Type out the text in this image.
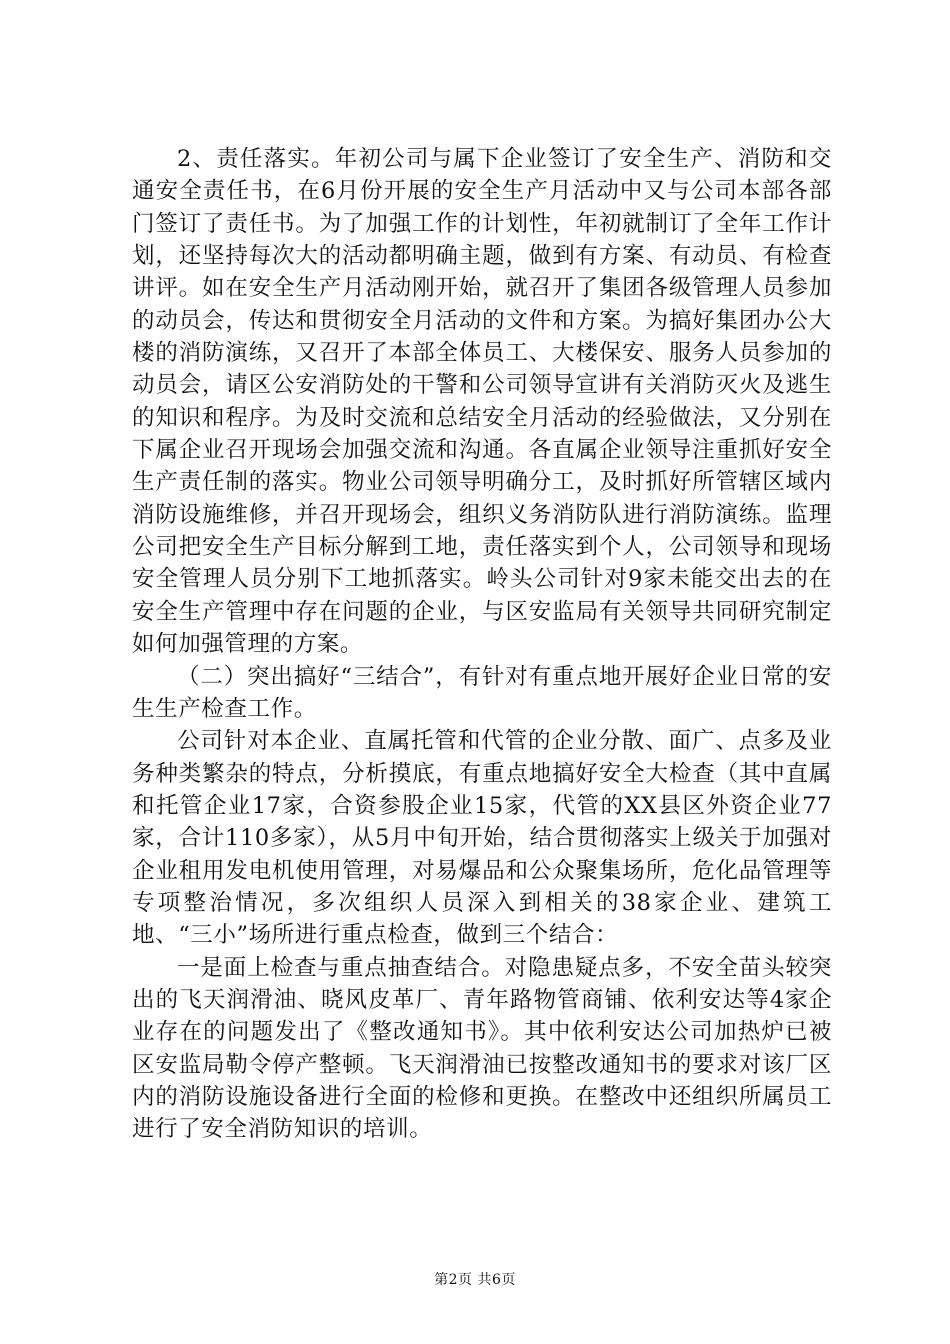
2、责任落实。年初公司与属下企业签订了安全生产、消防和交通安全责任书，在6月份开展的安全生产月活动中又与公司本部各部门签订了责任书。为了加强工作的计划性，年初就制订了全年工作计划，还坚持每次大的活动都明确主题，做到有方案、有动员、有检查讲评。如在安全生产月活动刚开始，就召开了集团各级管理人员参加的动员会，传达和贯彻安全月活动的文件和方案。为搞好集团办公大楼的消防演练，又召开了本部全体员工、大楼保安、服务人员参加的动员会，请区公安消防处的干警和公司领导宣讲有关消防灭火及逃生的知识和程序。为及时交流和总结安全月活动的经验做法，又分别在下属企业召开现场会加强交流和沟通。各直属企业领导注重抓好安全生产责任制的落实。物业公司领导明确分工，及时抓好所管辖区域内消防设施维修，并召开现场会，组织义务消防队进行消防演练。监理公司把安全生产目标分解到工地，责任落实到个人，公司领导和现场安全管理人员分别下工地抓落实。岭头公司针对9家未能交出去的在安全生产管理中存在问题的企业，与区安监局有关领导共同研究制定如何加强管理的方案。

（二）突出搞好“三结合”，有针对有重点地开展好企业日常的安生生产检查工作。

公司针对本企业、直属托管和代管的企业分散、面广、点多及业务种类繁杂的特点，分析摸底，有重点地搞好安全大检查（其中直属和托管企业17家，合资参股企业15家，代管的XX县区外资企业77家，合计110多家），从5月中旬开始，结合贯彻落实上级关于加强对企业租用发电机使用管理，对易爆品和公众聚集场所，危化品管理等专项整治情况，多次组织人员深入到相关的38家企业、建筑工地、“三小”场所进行重点检查，做到三个结合：

一是面上检查与重点抽查结合。对隐患疑点多，不安全苗头较突出的飞天润滑油、晓风皮革厂、青年路物管商铺、依利安达等4家企业存在的问题发出了《整改通知书》。其中依利安达公司加热炉已被区安监局勒令停产整顿。飞天润滑油已按整改通知书的要求对该厂区内的消防设施设备进行全面的检修和更换。在整改中还组织所属员工进行了安全消防知识的培训。

第2页 共6页
